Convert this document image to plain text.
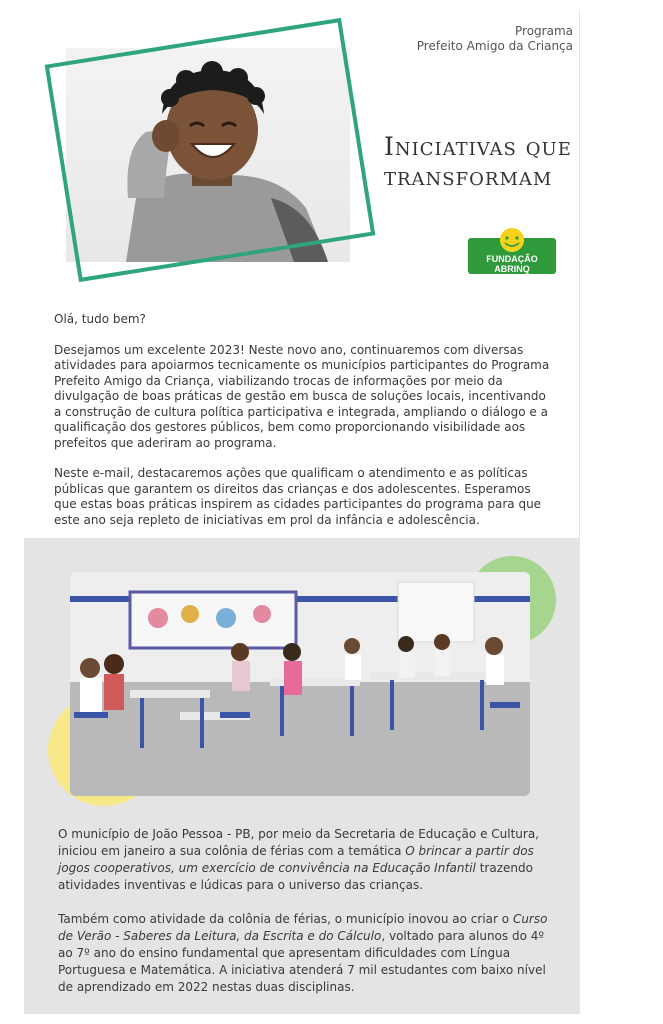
Programa
Prefeito Amigo da Criança
Iniciativas que
transformam
FUNDAÇÃO
ABRINQ

Olá, tudo bem?

Desejamos um excelente 2023! Neste novo ano, continuaremos com diversas atividades para apoiarmos tecnicamente os municípios participantes do Programa Prefeito Amigo da Criança, viabilizando trocas de informações por meio da divulgação de boas práticas de gestão em busca de soluções locais, incentivando a construção de cultura política participativa e integrada, ampliando o diálogo e a qualificação dos gestores públicos, bem como proporcionando visibilidade aos prefeitos que aderiram ao programa.

Neste e-mail, destacaremos ações que qualificam o atendimento e as políticas públicas que garantem os direitos das crianças e dos adolescentes. Esperamos que estas boas práticas inspirem as cidades participantes do programa para que este ano seja repleto de iniciativas em prol da infância e adolescência.

O município de João Pessoa - PB, por meio da Secretaria de Educação e Cultura, iniciou em janeiro a sua colônia de férias com a temática O brincar a partir dos jogos cooperativos, um exercício de convivência na Educação Infantil trazendo atividades inventivas e lúdicas para o universo das crianças.

Também como atividade da colônia de férias, o município inovou ao criar o Curso de Verão - Saberes da Leitura, da Escrita e do Cálculo, voltado para alunos do 4º ao 7º ano do ensino fundamental que apresentam dificuldades com Língua Portuguesa e Matemática. A iniciativa atenderá 7 mil estudantes com baixo nível de aprendizado em 2022 nestas duas disciplinas.
